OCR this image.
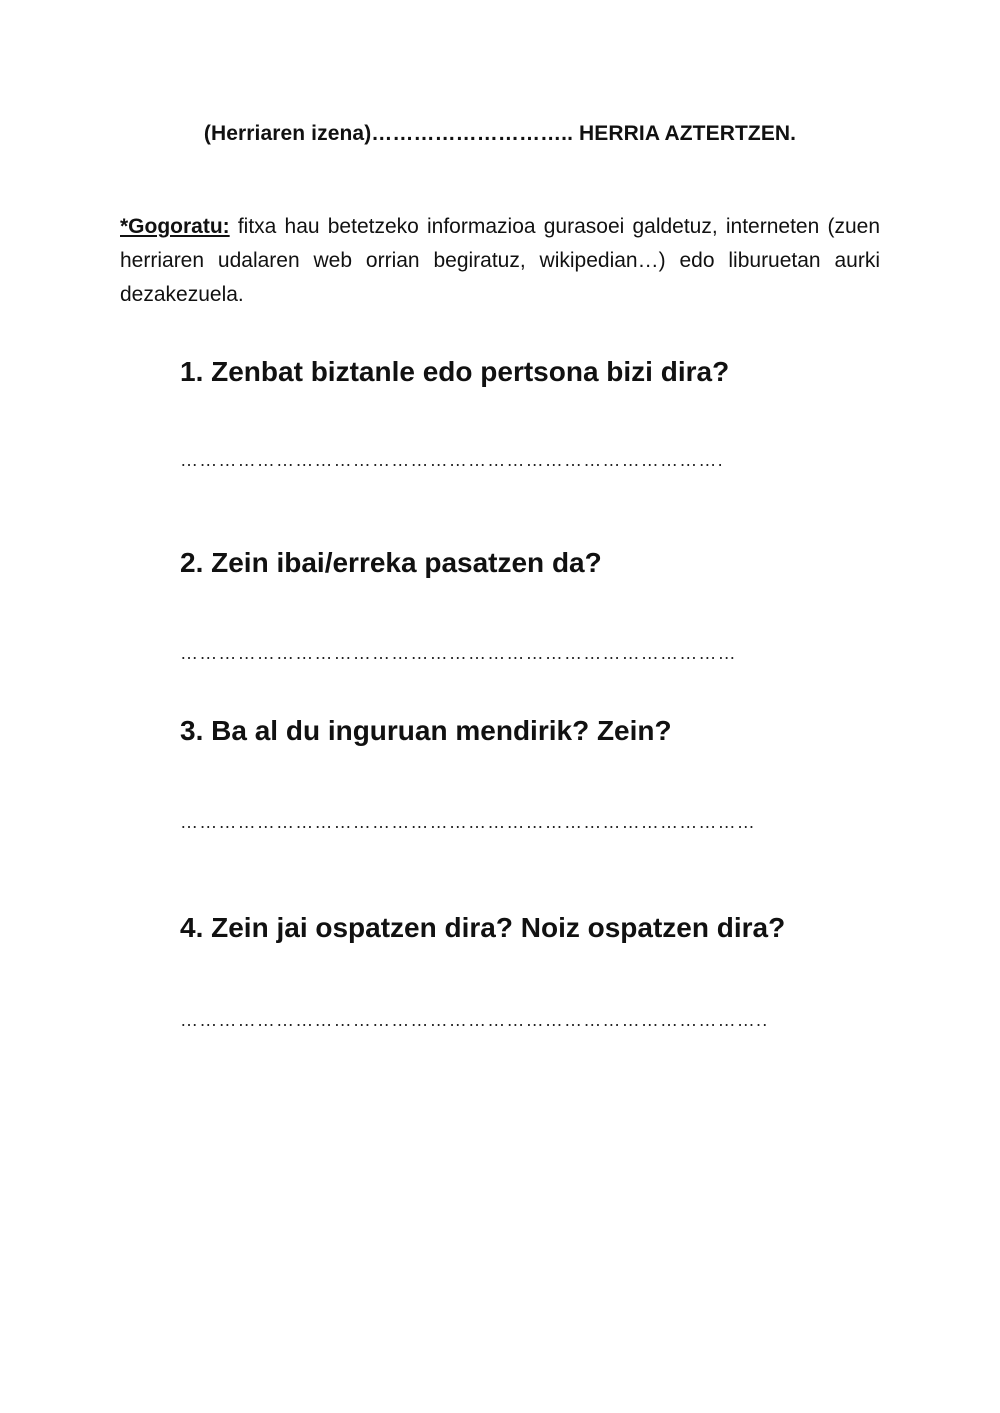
(Herriaren izena)……………………….. HERRIA AZTERTZEN.
*Gogoratu: fitxa hau betetzeko informazioa gurasoei galdetuz, interneten (zuen herriaren udalaren web orrian begiratuz, wikipedian…) edo liburuetan aurki dezakezuela.
1. Zenbat biztanle edo pertsona bizi dira?
………………………………………………………………………….
2. Zein ibai/erreka pasatzen da?
……………………………………………………………………………
3. Ba al du inguruan mendirik? Zein?
………………………………………………………………………………
4. Zein jai ospatzen dira? Noiz ospatzen dira?
………………………………………………………………………………..
